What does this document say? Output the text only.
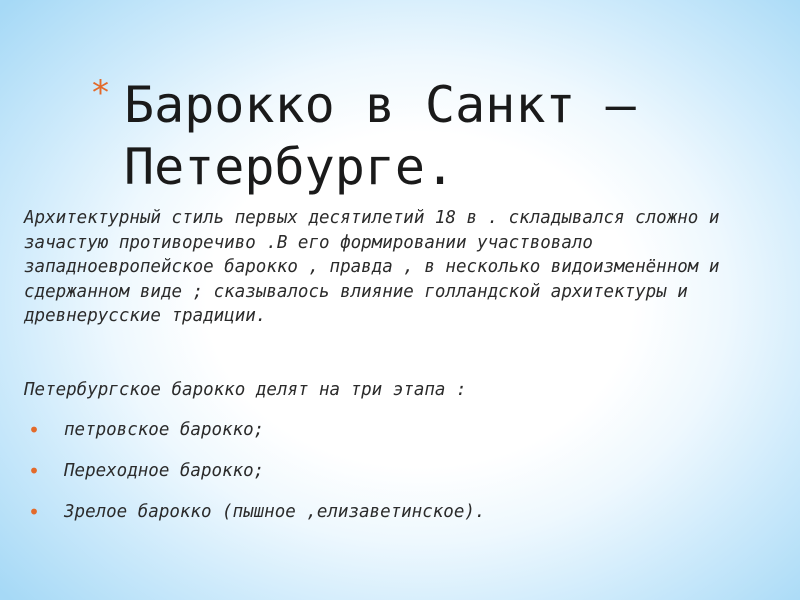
* Барокко в Санкт – Петербурге.

Архитектурный стиль первых десятилетий 18 в . складывался сложно и зачастую противоречиво .В его формировании участвовало западноевропейское барокко , правда , в несколько видоизменённом и сдержанном виде ; сказывалось влияние голландской архитектуры и древнерусские традиции.

Петербургское барокко делят на три этапа :

• петровское барокко;
• Переходное барокко;
• Зрелое барокко (пышное ,елизаветинское).
